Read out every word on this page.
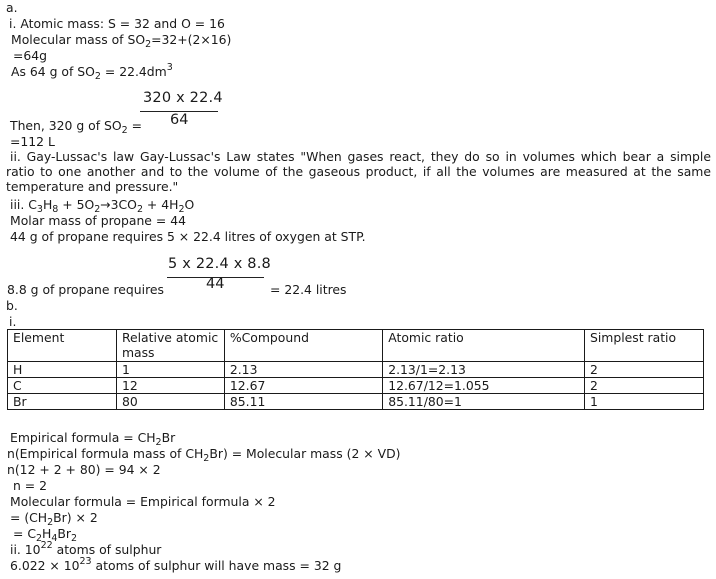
a.
i. Atomic mass: S = 32 and O = 16
Molecular mass of $SO_2=32+(2\times 16)$
=64g
As 64 g of $SO_2 = 22.4dm^3$
320 x 22.4
64
Then, 320 g of $SO_2$ =
=112 L
ii. Gay-Lussac's law Gay-Lussac's Law states "When gases react, they do so in volumes which bear a simple ratio to one another and to the volume of the gaseous product, if all the volumes are measured at the same temperature and pressure."
iii. $C_3H_8 + 5O_2\to 3CO_2 + 4H_2O$
Molar mass of propane = 44
44 g of propane requires 5 × 22.4 litres of oxygen at STP.
5 x 22.4 x 8.8
44
8.8 g of propane requires	= 22.4 litres
b.
i.
Element	Relative atomic mass	%Compound	Atomic ratio	Simplest ratio
H	1	2.13	2.13/1=2.13	2
C	12	12.67	12.67/12=1.055	2
Br	80	85.11	85.11/80=1	1
Empirical formula = $CH_2Br$
n(Empirical formula mass of $CH_2Br$) = Molecular mass (2 × VD)
n(12 + 2 + 80) = 94 × 2
n = 2
Molecular formula = Empirical formula × 2
= $(CH_2Br) \times 2$
= $C_2H_4Br_2$
ii. $10^{22}$ atoms of sulphur
$6.022 \times 10^{23}$ atoms of sulphur will have mass = 32 g
